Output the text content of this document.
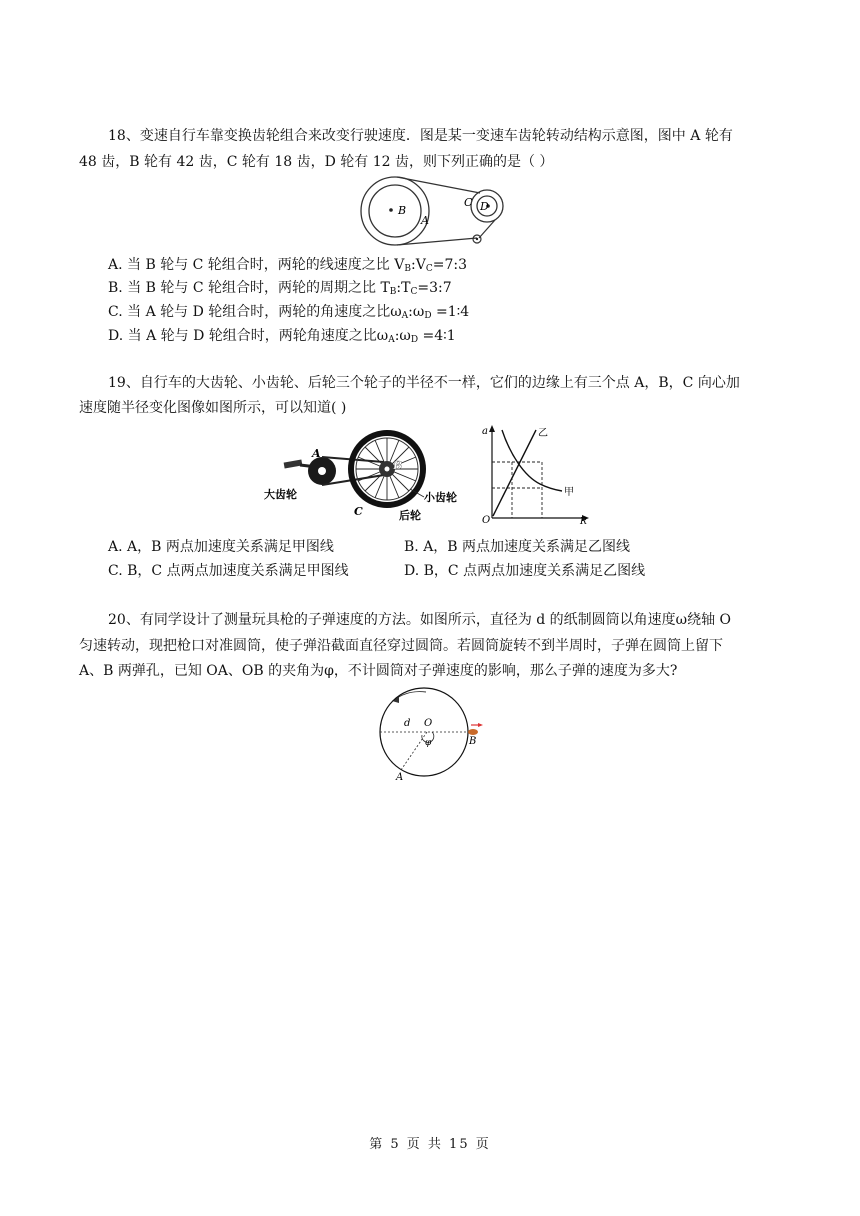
18、变速自行车靠变换齿轮组合来改变行驶速度．图是某一变速车齿轮转动结构示意图，图中 A 轮有
48 齿，B 轮有 42 齿，C 轮有 18 齿，D 轮有 12 齿，则下列正确的是（ ）
B
A
C D
A. 当 B 轮与 C 轮组合时，两轮的线速度之比 $V_B:V_C=7:3$
B. 当 B 轮与 C 轮组合时，两轮的周期之比 $T_B:T_C=3:7$
C. 当 A 轮与 D 轮组合时，两轮的角速度之比$\omega_A:\omega_D$ =1∶4
D. 当 A 轮与 D 轮组合时，两轮角速度之比$\omega_A:\omega_D$ =4∶1
19、自行车的大齿轮、小齿轮、后轮三个轮子的半径不一样，它们的边缘上有三个点 A，B，C 向心加
速度随半径变化图像如图所示，可以知道( )
A
B
C
大齿轮	小齿轮
后轮
a
R
O
乙
甲
A. A，B 两点加速度关系满足甲图线	B. A，B 两点加速度关系满足乙图线
C. B，C 点两点加速度关系满足甲图线	D. B，C 点两点加速度关系满足乙图线
20、有同学设计了测量玩具枪的子弹速度的方法。如图所示，直径为 d 的纸制圆筒以角速度ω绕轴 O
匀速转动，现把枪口对准圆筒，使子弹沿截面直径穿过圆筒。若圆筒旋转不到半周时，子弹在圆筒上留下
A、B 两弹孔，已知 OA、OB 的夹角为φ，不计圆筒对子弹速度的影响，那么子弹的速度为多大?
d O
φ	B
A
第 5 页 共 15 页
